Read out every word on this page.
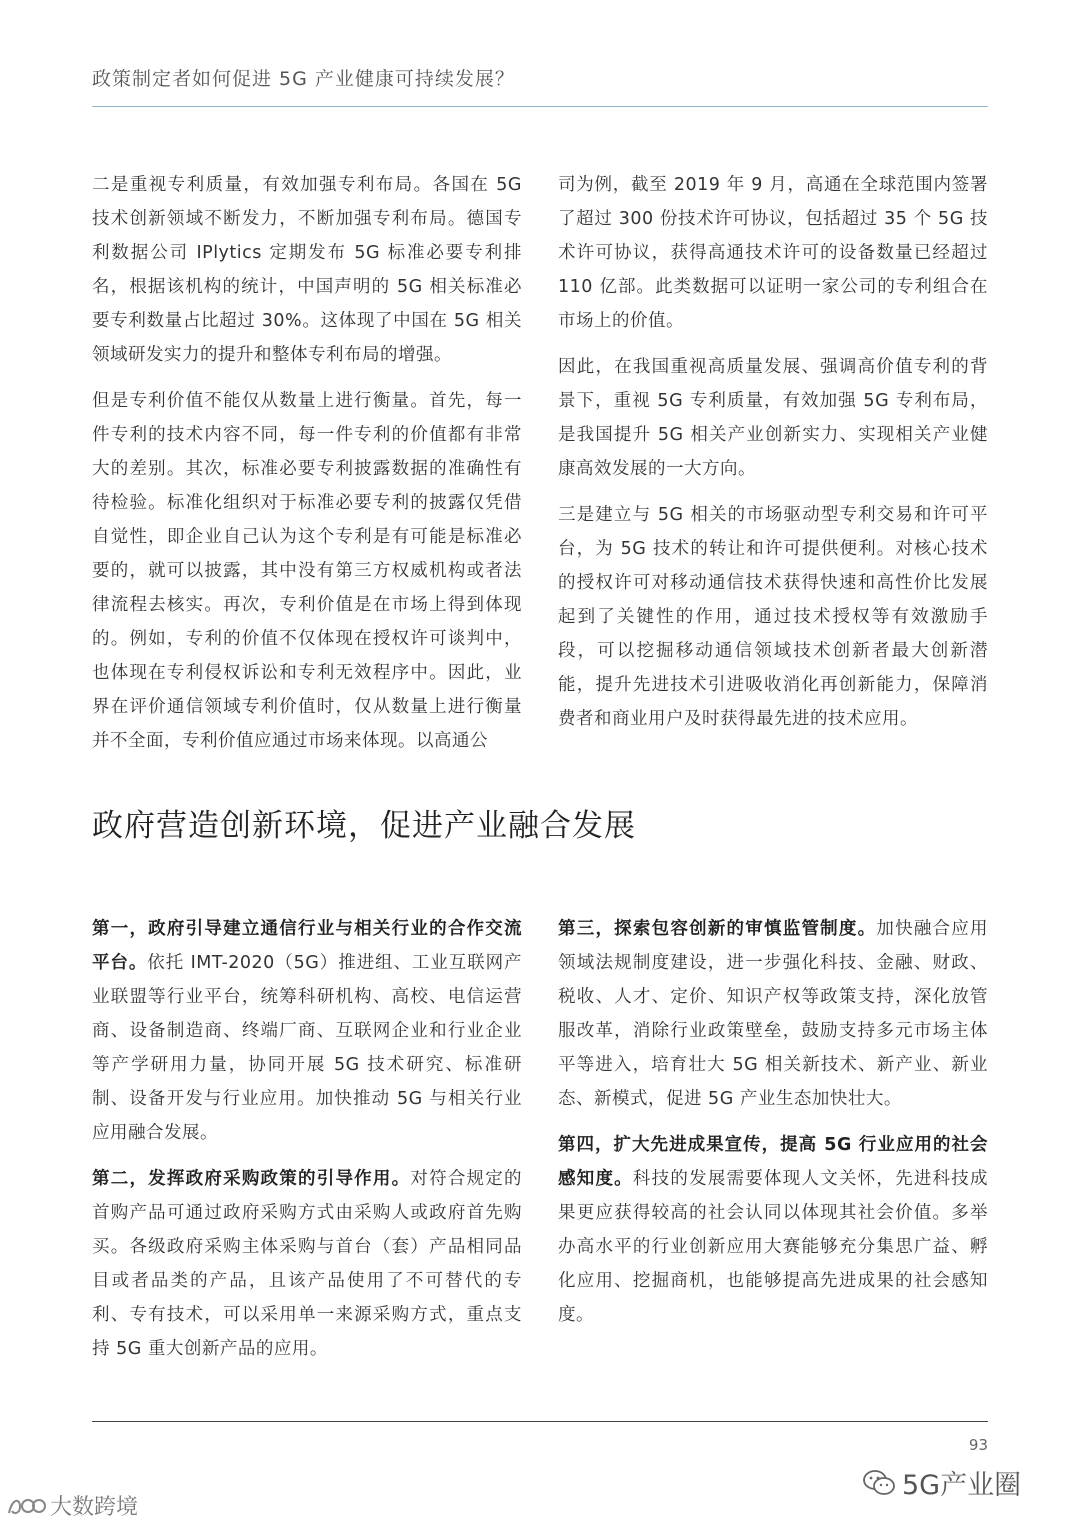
政策制定者如何促进 5G 产业健康可持续发展？

二是重视专利质量，有效加强专利布局。各国在 5G 技术创新领域不断发力，不断加强专利布局。德国专利数据公司 IPlytics 定期发布 5G 标准必要专利排名，根据该机构的统计，中国声明的 5G 相关标准必要专利数量占比超过 30%。这体现了中国在 5G 相关领域研发实力的提升和整体专利布局的增强。

但是专利价值不能仅从数量上进行衡量。首先，每一件专利的技术内容不同，每一件专利的价值都有非常大的差别。其次，标准必要专利披露数据的准确性有待检验。标准化组织对于标准必要专利的披露仅凭借自觉性，即企业自己认为这个专利是有可能是标准必要的，就可以披露，其中没有第三方权威机构或者法律流程去核实。再次，专利价值是在市场上得到体现的。例如，专利的价值不仅体现在授权许可谈判中，也体现在专利侵权诉讼和专利无效程序中。因此，业界在评价通信领域专利价值时，仅从数量上进行衡量并不全面，专利价值应通过市场来体现。以高通公

司为例，截至 2019 年 9 月，高通在全球范围内签署了超过 300 份技术许可协议，包括超过 35 个 5G 技术许可协议，获得高通技术许可的设备数量已经超过 110 亿部。此类数据可以证明一家公司的专利组合在市场上的价值。

因此，在我国重视高质量发展、强调高价值专利的背景下，重视 5G 专利质量，有效加强 5G 专利布局，是我国提升 5G 相关产业创新实力、实现相关产业健康高效发展的一大方向。

三是建立与 5G 相关的市场驱动型专利交易和许可平台，为 5G 技术的转让和许可提供便利。对核心技术的授权许可对移动通信技术获得快速和高性价比发展起到了关键性的作用，通过技术授权等有效激励手段，可以挖掘移动通信领域技术创新者最大创新潜能，提升先进技术引进吸收消化再创新能力，保障消费者和商业用户及时获得最先进的技术应用。

政府营造创新环境，促进产业融合发展

第一，政府引导建立通信行业与相关行业的合作交流平台。依托 IMT-2020（5G）推进组、工业互联网产业联盟等行业平台，统筹科研机构、高校、电信运营商、设备制造商、终端厂商、互联网企业和行业企业等产学研用力量，协同开展 5G 技术研究、标准研制、设备开发与行业应用。加快推动 5G 与相关行业应用融合发展。

第二，发挥政府采购政策的引导作用。对符合规定的首购产品可通过政府采购方式由采购人或政府首先购买。各级政府采购主体采购与首台（套）产品相同品目或者品类的产品，且该产品使用了不可替代的专利、专有技术，可以采用单一来源采购方式，重点支持 5G 重大创新产品的应用。

第三，探索包容创新的审慎监管制度。加快融合应用领域法规制度建设，进一步强化科技、金融、财政、税收、人才、定价、知识产权等政策支持，深化放管服改革，消除行业政策壁垒，鼓励支持多元市场主体平等进入，培育壮大 5G 相关新技术、新产业、新业态、新模式，促进 5G 产业生态加快壮大。

第四，扩大先进成果宣传，提高 5G 行业应用的社会感知度。科技的发展需要体现人文关怀，先进科技成果更应获得较高的社会认同以体现其社会价值。多举办高水平的行业创新应用大赛能够充分集思广益、孵化应用、挖掘商机，也能够提高先进成果的社会感知度。

93
5G产业圈
大数跨境
